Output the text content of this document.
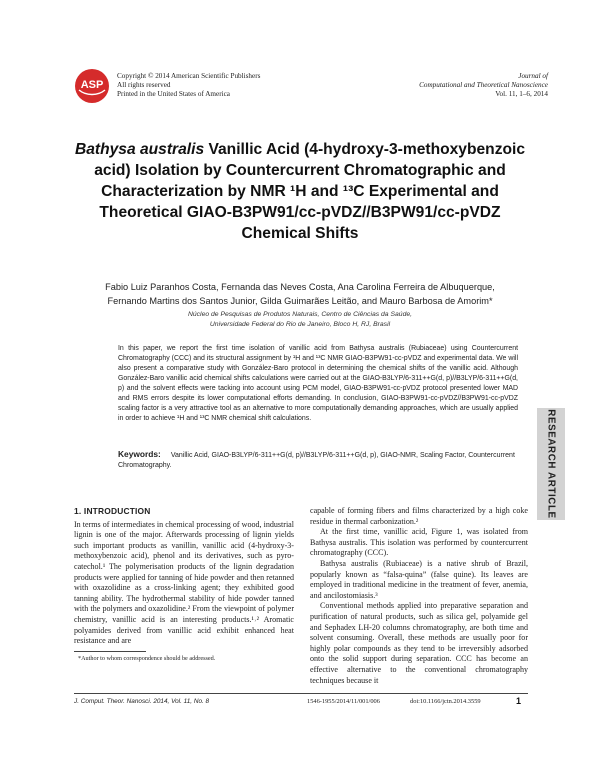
ASP
Copyright © 2014 American Scientific Publishers
All rights reserved
Printed in the United States of America
Journal of
Computational and Theoretical Nanoscience
Vol. 11, 1–6, 2014
Bathysa australis Vanillic Acid (4-hydroxy-3-methoxybenzoic acid) Isolation by Countercurrent Chromatographic and Characterization by NMR ¹H and ¹³C Experimental and Theoretical GIAO-B3PW91/cc-pVDZ//B3PW91/cc-pVDZ Chemical Shifts
Fabio Luiz Paranhos Costa, Fernanda das Neves Costa, Ana Carolina Ferreira de Albuquerque,
Fernando Martins dos Santos Junior, Gilda Guimarães Leitão, and Mauro Barbosa de Amorim*
Núcleo de Pesquisas de Produtos Naturais, Centro de Ciências da Saúde,
Universidade Federal do Rio de Janeiro, Bloco H, RJ, Brasil
In this paper, we report the first time isolation of vanillic acid from Bathysa australis (Rubiaceae) using Countercurrent Chromatography (CCC) and its structural assignment by ¹H and ¹³C NMR GIAO-B3PW91-cc-pVDZ and experimental data. We will also present a comparative study with González-Baro protocol in determining the chemical shifts of the vanillic acid. Although González-Baro vanillic acid chemical shifts calculations were carried out at the GIAO-B3LYP/6-311++G(d, p)//B3LYP/6-311++G(d, p) and the solvent effects were tacking into account using PCM model, GIAO-B3PW91-cc-pVDZ protocol presented lower MAD and RMS errors despite its lower computational efforts demanding. In conclusion, GIAO-B3PW91-cc-pVDZ//B3PW91-cc-pVDZ scaling factor is a very attractive tool as an alternative to more computationally demanding approaches, which are usually applied in order to achieve ¹H and ¹³C NMR chemical shift calculations.
Keywords: Vanillic Acid, GIAO-B3LYP/6-311++G(d, p)//B3LYP/6-311++G(d, p), GIAO-NMR, Scaling Factor, Countercurrent Chromatography.	RESEARCH ARTICLE

1. INTRODUCTION

In terms of intermediates in chemical processing of wood, industrial lignin is one of the major. Afterwards processing of lignin yields such important products as vanillin, vanillic acid (4-hydroxy-3-methoxybenzoic acid), phenol and its derivatives, such as pyro-catechol.¹ The polymerisation products of the lignin degradation products were applied for tanning of hide powder and then retanned with oxazolidine as a cross-linking agent; they exhibited good tanning ability. The hydrothermal stability of hide powder tanned with the polymers and oxazolidine.² From the viewpoint of polymer chemistry, vanillic acid is an interesting products.¹˒² Aromatic polyamides derived from vanillic acid exhibit enhanced heat resistance and are

capable of forming fibers and films characterized by a high coke residue in thermal carbonization.²

At the first time, vanillic acid, Figure 1, was isolated from Bathysa australis. This isolation was performed by countercurrent chromatography (CCC).

Bathysa australis (Rubiaceae) is a native shrub of Brazil, popularly known as “falsa-quina” (false quine). Its leaves are employed in traditional medicine in the treatment of fever, anemia, and ancilostomiasis.³

Conventional methods applied into preparative separation and purification of natural products, such as silica gel, polyamide gel and Sephadex LH-20 columns chromatography, are both time and solvent consuming. Overall, these methods are usually poor for highly polar compounds as they tend to be irreversibly adsorbed onto the solid support during separation. CCC has become an effective alternative to the conventional chromatography techniques because it

*Author to whom correspondence should be addressed.
J. Comput. Theor. Nanosci. 2014, Vol. 11, No. 8	1546-1955/2014/11/001/006	doi:10.1166/jctn.2014.3559	1
